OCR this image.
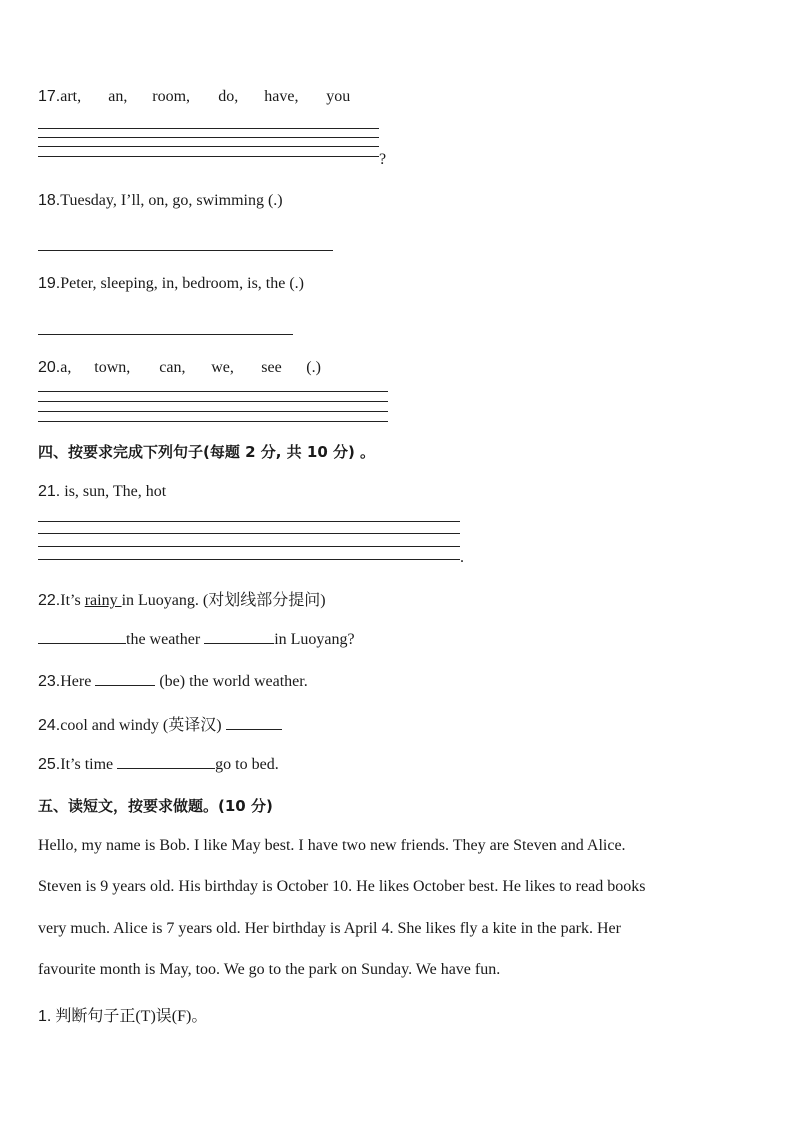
17.art, an, room, do, have, you
?
18.Tuesday, I’ll, on, go, swimming (.)
19.Peter, sleeping, in, bedroom, is, the (.)
20.a, town, can, we, see (.)
四、按要求完成下列句子(每题 2 分, 共 10 分) 。
21. is, sun, The, hot
.
22.It’s rainy in Luoyang. (对划线部分提问)
the weather	in Luoyang?
23.Here	(be) the world weather.
24.cool and windy (英译汉)
25.It’s time	go to bed.
五、读短文，按要求做题。(10 分)
Hello, my name is Bob. I like May best. I have two new friends. They are Steven and Alice.
Steven is 9 years old. His birthday is October 10. He likes October best. He likes to read books
very much. Alice is 7 years old. Her birthday is April 4. She likes fly a kite in the park. Her
favourite month is May, too. We go to the park on Sunday. We have fun.
1. 判断句子正(T)误(F)。
